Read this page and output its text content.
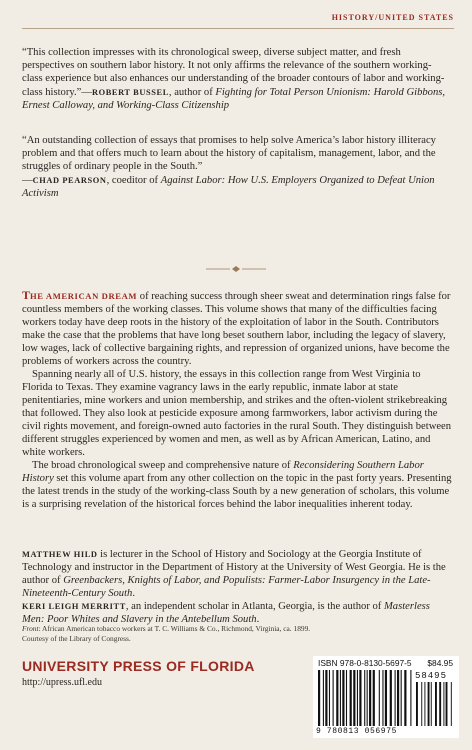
HISTORY/UNITED STATES
“This collection impresses with its chronological sweep, diverse subject matter, and fresh perspectives on southern labor history. It not only affirms the relevance of the southern working-class experience but also enhances our understanding of the broader contours of labor and working-class history.”—ROBERT BUSSEL, author of Fighting for Total Person Unionism: Harold Gibbons, Ernest Calloway, and Working-Class Citizenship
“An outstanding collection of essays that promises to help solve America’s labor history illiteracy problem and that offers much to learn about the history of capitalism, management, labor, and the struggles of ordinary people in the South.”
—CHAD PEARSON, coeditor of Against Labor: How U.S. Employers Organized to Defeat Union Activism

THE AMERICAN DREAM of reaching success through sheer sweat and determination rings false for countless members of the working classes. This volume shows that many of the difficulties facing workers today have deep roots in the history of the exploitation of labor in the South. Contributors make the case that the problems that have long beset southern labor, including the legacy of slavery, low wages, lack of collective bargaining rights, and repression of organized unions, have become the problems of workers across the country.

Spanning nearly all of U.S. history, the essays in this collection range from West Virginia to Florida to Texas. They examine vagrancy laws in the early republic, inmate labor at state penitentiaries, mine workers and union membership, and strikes and the often-violent strikebreaking that followed. They also look at pesticide exposure among farmworkers, labor activism during the civil rights movement, and foreign-owned auto factories in the rural South. They distinguish between different struggles experienced by women and men, as well as by African American, Latino, and white workers.

The broad chronological sweep and comprehensive nature of Reconsidering Southern Labor History set this volume apart from any other collection on the topic in the past forty years. Presenting the latest trends in the study of the working-class South by a new generation of scholars, this volume is a surprising revelation of the historical forces behind the labor inequalities inherent today.

MATTHEW HILD is lecturer in the School of History and Sociology at the Georgia Institute of Technology and instructor in the Department of History at the University of West Georgia. He is the author of Greenbackers, Knights of Labor, and Populists: Farmer-Labor Insurgency in the Late-Nineteenth-Century South.

KERI LEIGH MERRITT, an independent scholar in Atlanta, Georgia, is the author of Masterless Men: Poor Whites and Slavery in the Antebellum South.

Front: African American tobacco workers at T. C. Williams & Co., Richmond, Virginia, ca. 1899.
Courtesy of the Library of Congress.
UNIVERSITY PRESS OF FLORIDA
http://upress.ufl.edu
ISBN 978-0-8130-5697-5 $84.95
58495
9 780813 056975
